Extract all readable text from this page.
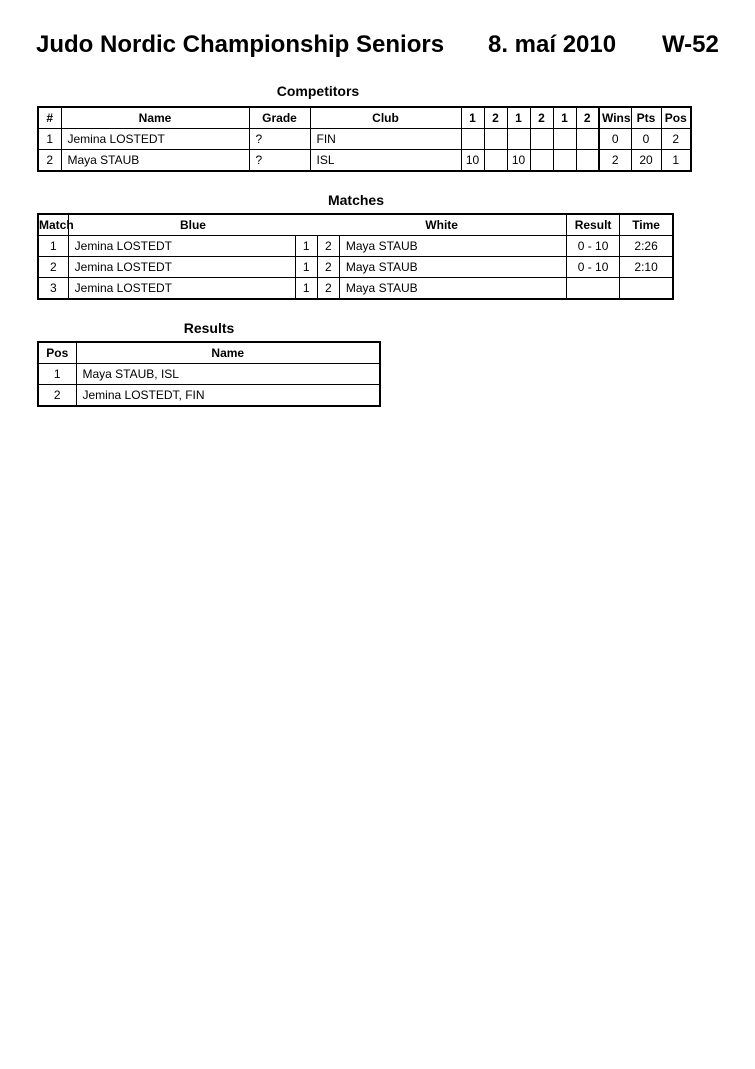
Judo Nordic Championship Seniors 8. maí 2010 W-52
Competitors
#	Name	Grade	Club	1	2	1	2	1	2	Wins	Pts	Pos
1	Jemina LOSTEDT	?	FIN							0	0	2
2	Maya STAUB	?	ISL	10		10				2	20	1
Matches
Match	Blue		White		Result	Time
1	Jemina LOSTEDT	1	2	Maya STAUB	0 - 10	2:26
2	Jemina LOSTEDT	1	2	Maya STAUB	0 - 10	2:10
3	Jemina LOSTEDT	1	2	Maya STAUB		
Results
Pos	Name
1	Maya STAUB, ISL
2	Jemina LOSTEDT, FIN
